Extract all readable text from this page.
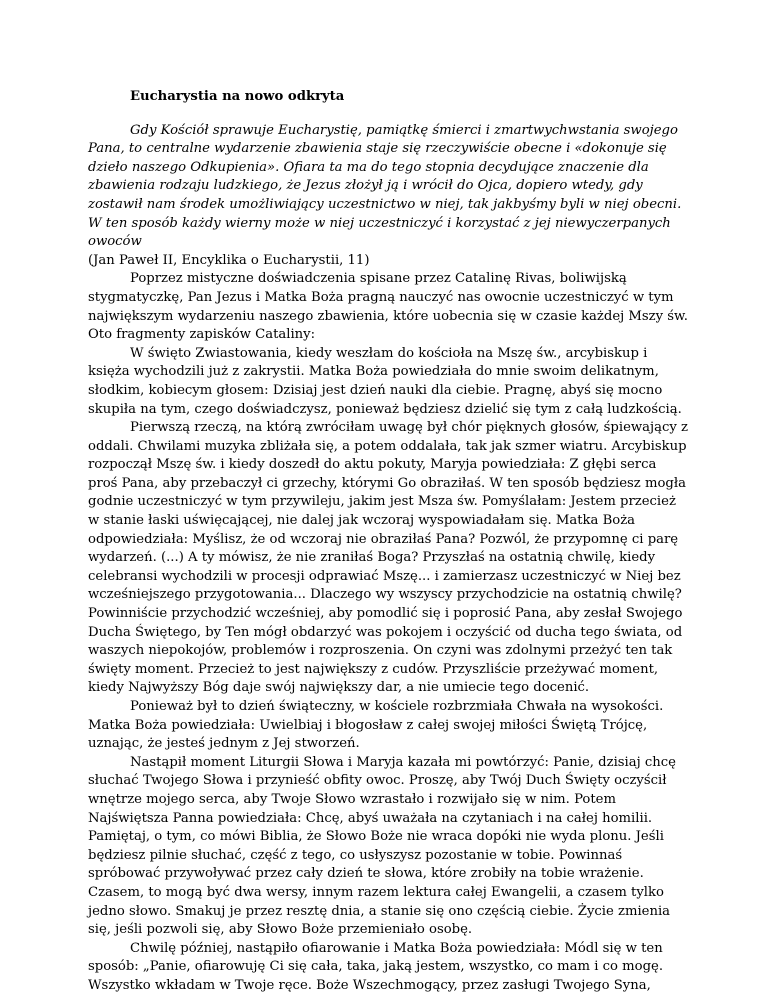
Eucharystia na nowo odkryta

Gdy Kościół sprawuje Eucharystię, pamiątkę śmierci i zmartwychwstania swojego Pana, to centralne wydarzenie zbawienia staje się rzeczywiście obecne i «dokonuje się dzieło naszego Odkupienia». Ofiara ta ma do tego stopnia decydujące znaczenie dla zbawienia rodzaju ludzkiego, że Jezus złożył ją i wrócił do Ojca, dopiero wtedy, gdy zostawił nam środek umożliwiający uczestnictwo w niej, tak jakbyśmy byli w niej obecni. W ten sposób każdy wierny może w niej uczestniczyć i korzystać z jej niewyczerpanych owoców

(Jan Paweł II, Encyklika o Eucharystii, 11)

Poprzez mistyczne doświadczenia spisane przez Catalinę Rivas, boliwijską stygmatyczkę, Pan Jezus i Matka Boża pragną nauczyć nas owocnie uczestniczyć w tym największym wydarzeniu naszego zbawienia, które uobecnia się w czasie każdej Mszy św. Oto fragmenty zapisków Cataliny:

W święto Zwiastowania, kiedy weszłam do kościoła na Mszę św., arcybiskup i księża wychodzili już z zakrystii. Matka Boża powiedziała do mnie swoim delikatnym, słodkim, kobiecym głosem: Dzisiaj jest dzień nauki dla ciebie. Pragnę, abyś się mocno skupiła na tym, czego doświadczysz, ponieważ będziesz dzielić się tym z całą ludzkością.

Pierwszą rzeczą, na którą zwróciłam uwagę był chór pięknych głosów, śpiewający z oddali. Chwilami muzyka zbliżała się, a potem oddalała, tak jak szmer wiatru. Arcybiskup rozpoczął Mszę św. i kiedy doszedł do aktu pokuty, Maryja powiedziała: Z głębi serca proś Pana, aby przebaczył ci grzechy, którymi Go obraziłaś. W ten sposób będziesz mogła godnie uczestniczyć w tym przywileju, jakim jest Msza św. Pomyślałam: Jestem przecież w stanie łaski uświęcającej, nie dalej jak wczoraj wyspowiadałam się. Matka Boża odpowiedziała: Myślisz, że od wczoraj nie obraziłaś Pana? Pozwól, że przypomnę ci parę wydarzeń. (...) A ty mówisz, że nie zraniłaś Boga? Przyszłaś na ostatnią chwilę, kiedy celebransi wychodzili w procesji odprawiać Mszę... i zamierzasz uczestniczyć w Niej bez wcześniejszego przygotowania... Dlaczego wy wszyscy przychodzicie na ostatnią chwilę? Powinniście przychodzić wcześniej, aby pomodlić się i poprosić Pana, aby zesłał Swojego Ducha Świętego, by Ten mógł obdarzyć was pokojem i oczyścić od ducha tego świata, od waszych niepokojów, problemów i rozproszenia. On czyni was zdolnymi przeżyć ten tak święty moment. Przecież to jest największy z cudów. Przyszliście przeżywać moment, kiedy Najwyższy Bóg daje swój największy dar, a nie umiecie tego docenić.

Ponieważ był to dzień świąteczny, w kościele rozbrzmiała Chwała na wysokości. Matka Boża powiedziała: Uwielbiaj i błogosław z całej swojej miłości Świętą Trójcę, uznając, że jesteś jednym z Jej stworzeń.

Nastąpił moment Liturgii Słowa i Maryja kazała mi powtórzyć: Panie, dzisiaj chcę słuchać Twojego Słowa i przynieść obfity owoc. Proszę, aby Twój Duch Święty oczyścił wnętrze mojego serca, aby Twoje Słowo wzrastało i rozwijało się w nim. Potem Najświętsza Panna powiedziała: Chcę, abyś uważała na czytaniach i na całej homilii. Pamiętaj, o tym, co mówi Biblia, że Słowo Boże nie wraca dopóki nie wyda plonu. Jeśli będziesz pilnie słuchać, część z tego, co usłyszysz pozostanie w tobie. Powinnaś spróbować przywoływać przez cały dzień te słowa, które zrobiły na tobie wrażenie. Czasem, to mogą być dwa wersy, innym razem lektura całej Ewangelii, a czasem tylko jedno słowo. Smakuj je przez resztę dnia, a stanie się ono częścią ciebie. Życie zmienia się, jeśli pozwoli się, aby Słowo Boże przemieniało osobę.

Chwilę później, nastąpiło ofiarowanie i Matka Boża powiedziała: Módl się w ten sposób: „Panie, ofiarowuję Ci się cała, taka, jaką jestem, wszystko, co mam i co mogę. Wszystko wkładam w Twoje ręce. Boże Wszechmogący, przez zasługi Twojego Syna,
